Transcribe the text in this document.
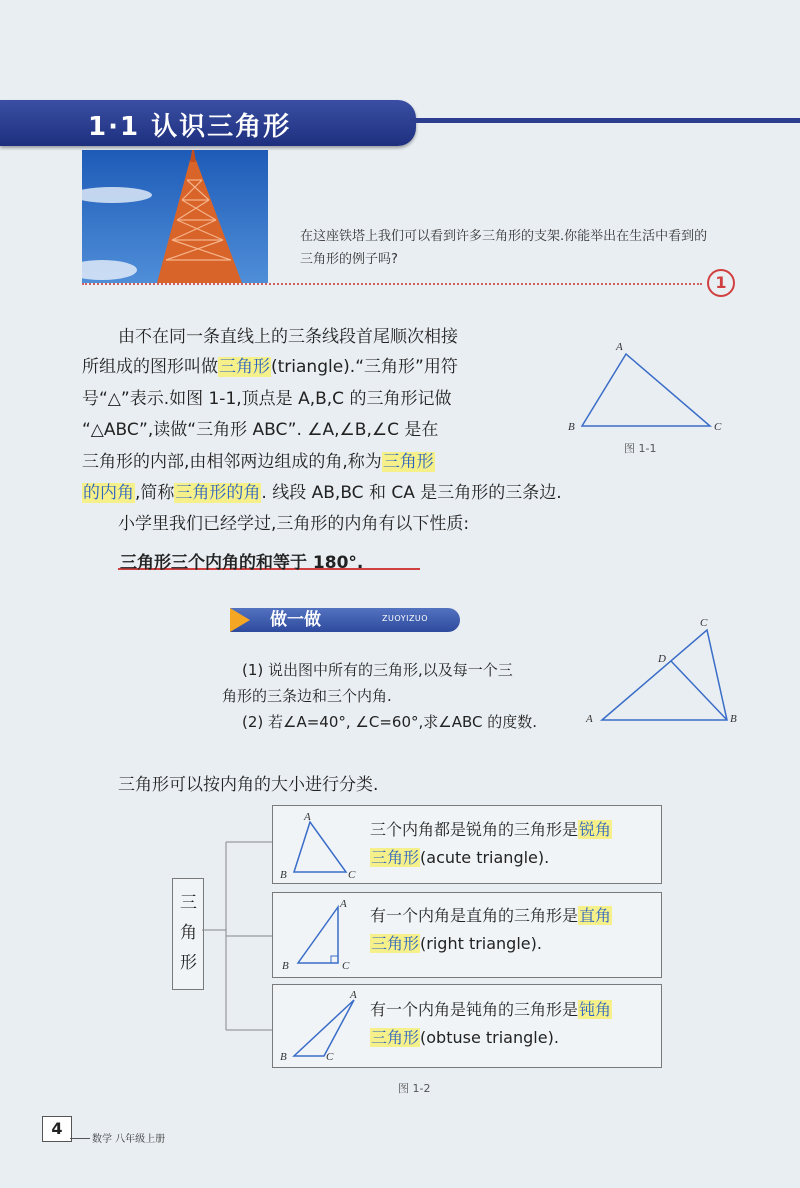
1·1 认识三角形
在这座铁塔上我们可以看到许多三角形的支架.你能举出在生活中看到的三角形的例子吗?
1
由不在同一条直线上的三条线段首尾顺次相接
所组成的图形叫做三角形(triangle).“三角形”用符
号“△”表示.如图 1-1,顶点是 A,B,C 的三角形记做
“△ABC”,读做“三角形 ABC”. ∠A,∠B,∠C 是在
三角形的内部,由相邻两边组成的角,称为三角形
的内角,简称三角形的角. 线段 AB,BC 和 CA 是三角形的三条边.
小学里我们已经学过,三角形的内角有以下性质:
三角形三个内角的和等于 180°.
A
B	C
图 1-1
做一做	ZUOYIZUO
(1) 说出图中所有的三角形,以及每一个三
角形的三条边和三个内角.
(2) 若∠A=40°, ∠C=60°,求∠ABC 的度数.	A	B
C
D
三角形可以按内角的大小进行分类.
三
角
形
A
B	C
三个内角都是锐角的三角形是锐角
三角形(acute triangle).
A
B	C
有一个内角是直角的三角形是直角
三角形(right triangle).
A
B	C
有一个内角是钝角的三角形是钝角
三角形(obtuse triangle).
图 1-2
4
数学 八年级上册
